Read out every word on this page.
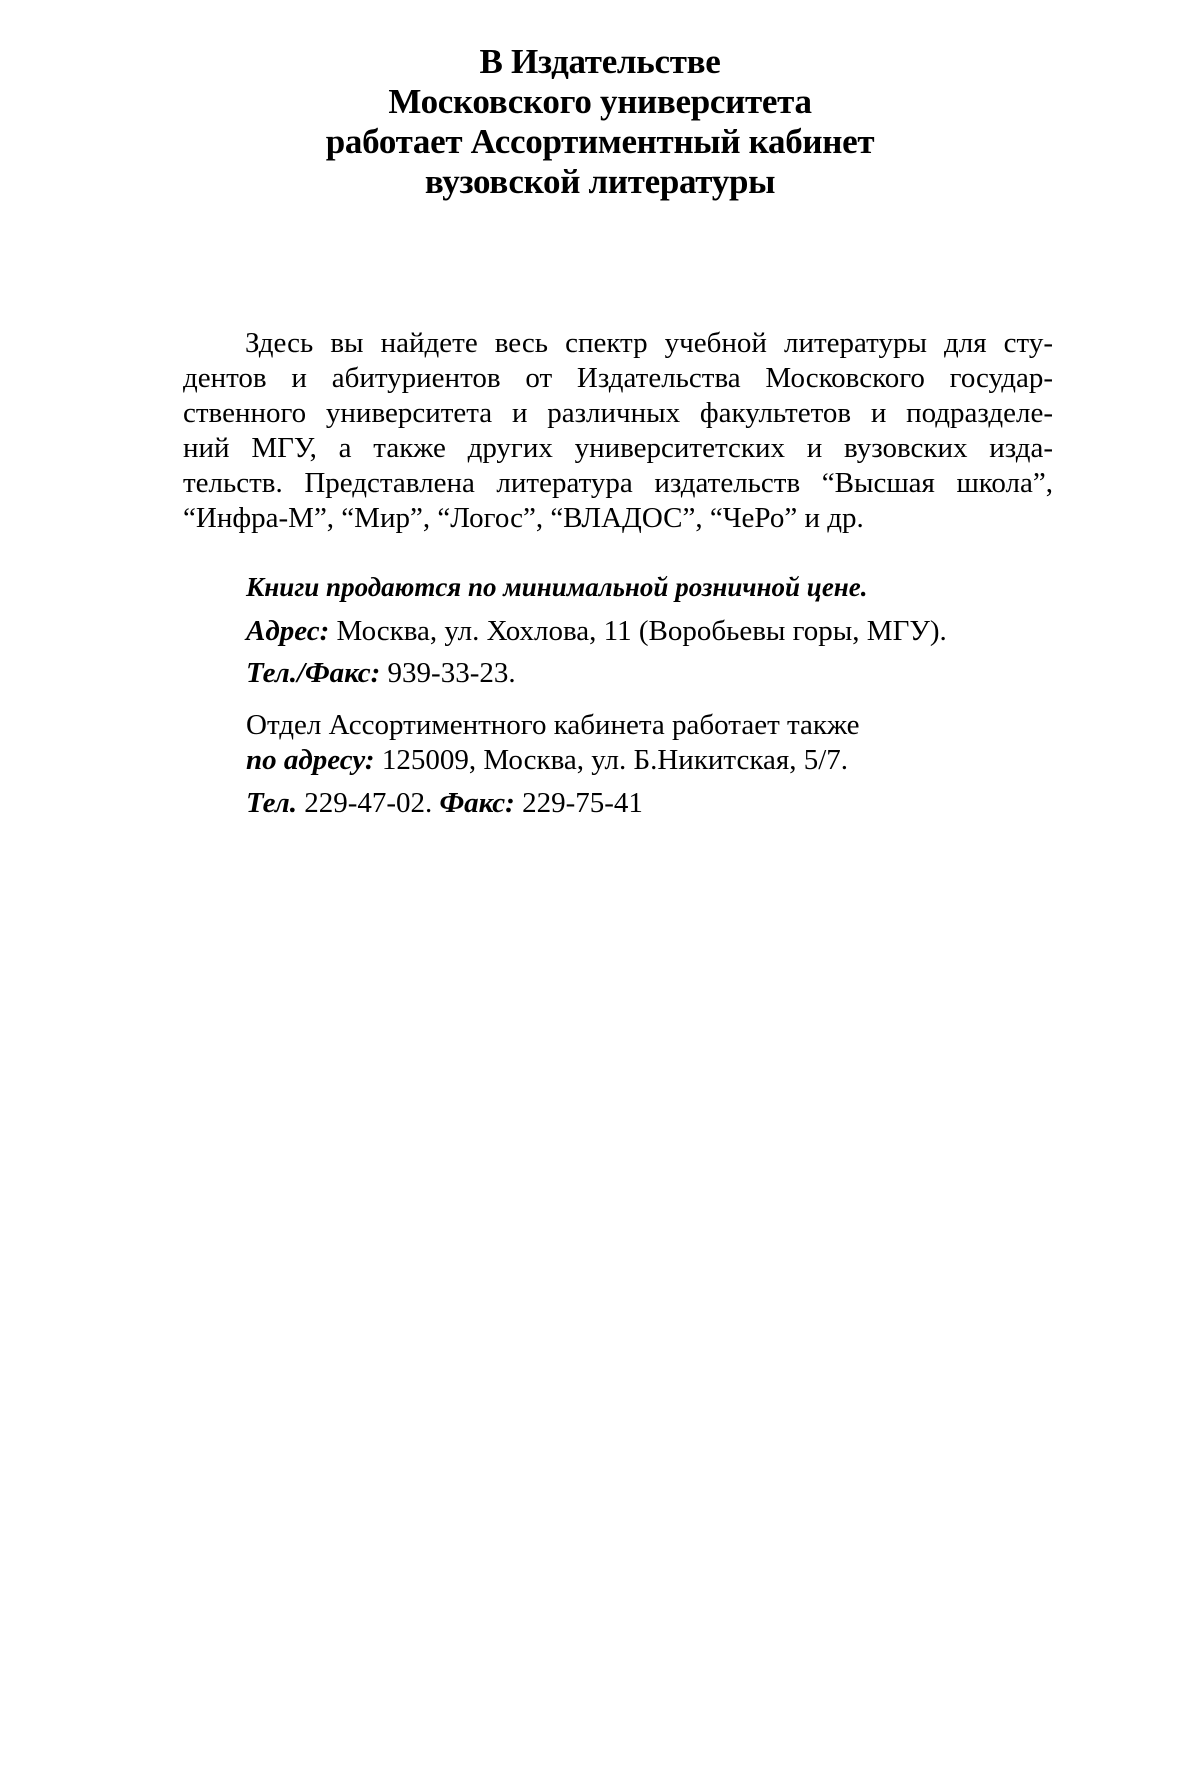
В Издательстве
Московского университета
работает Ассортиментный кабинет
вузовской литературы
Здесь вы найдете весь спектр учебной литературы для сту-
дентов и абитуриентов от Издательства Московского государ-
ственного университета и различных факультетов и подразделе-
ний МГУ, а также других университетских и вузовских изда-
тельств. Представлена литература издательств “Высшая школа”,
“Инфра-М”, “Мир”, “Логос”, “ВЛАДОС”, “ЧеРо” и др.
Книги продаются по минимальной розничной цене.
Адрес: Москва, ул. Хохлова, 11 (Воробьевы горы, МГУ).
Тел./Факс: 939-33-23.
Отдел Ассортиментного кабинета работает также
по адресу: 125009, Москва, ул. Б.Никитская, 5/7.
Тел. 229-47-02. Факс: 229-75-41
